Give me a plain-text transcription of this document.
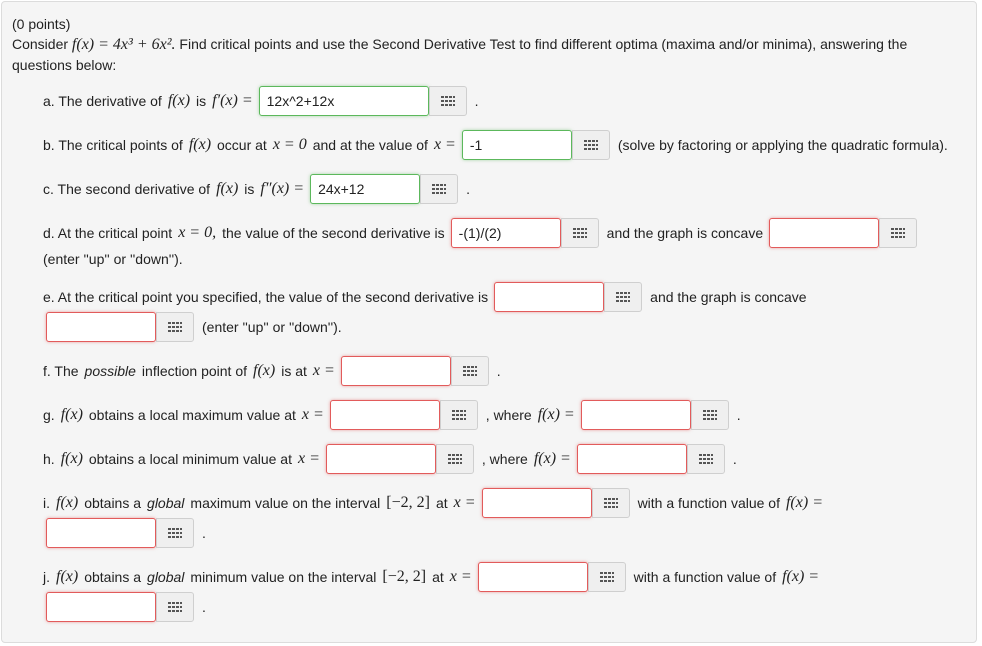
(0 points)
Consider f(x) = 4x³ + 6x². Find critical points and use the Second Derivative Test to find different optima (maxima and/or minima), answering the questions below:
a. The derivative of f(x) is f′(x) =
12x^2+12x	.
b. The critical points of f(x) occur at x = 0 and at the value of x =
-1	(solve by factoring or applying the quadratic formula).
c. The second derivative of f(x) is f″(x) =
24x+12	.
d. At the critical point x = 0, the value of the second derivative is
-(1)/(2)	and the graph is concave
(enter ''up'' or ''down'').
e. At the critical point you specified, the value of the second derivative is	and the graph is concave
(enter ''up'' or ''down'').
f. The possible inflection point of f(x) is at x =	.
g. f(x) obtains a local maximum value at x =	, where f(x) =	.
h. f(x) obtains a local minimum value at x =	, where f(x) =	.
i. f(x) obtains a global maximum value on the interval [−2, 2] at x =	with a function value of f(x) =
.
j. f(x) obtains a global minimum value on the interval [−2, 2] at x =	with a function value of f(x) =
.
